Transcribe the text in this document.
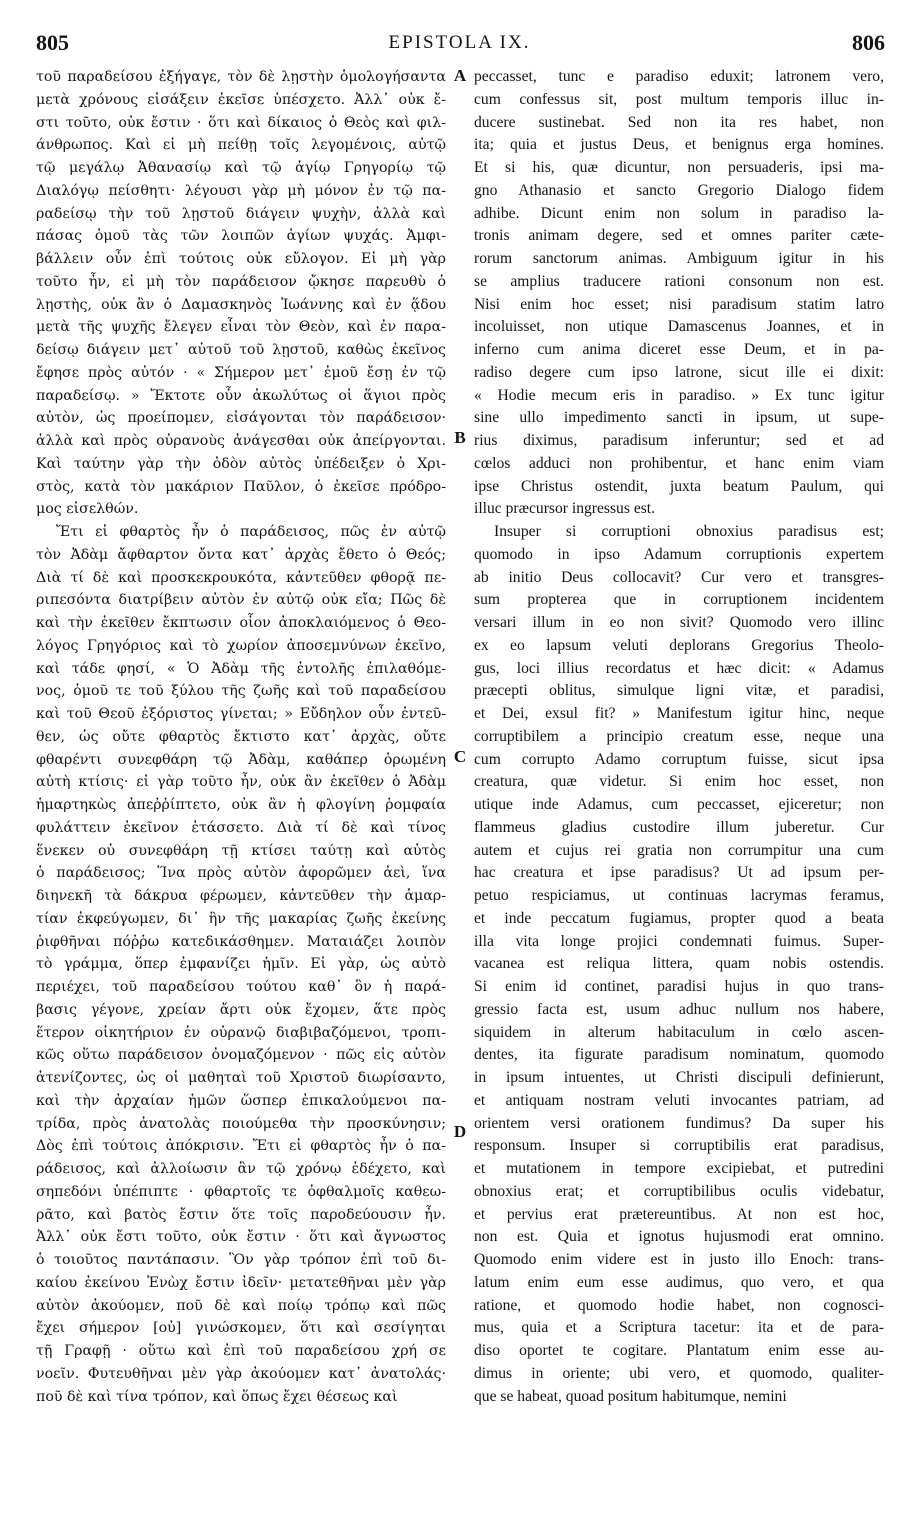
805	EPISTOLA IX.	806
τοῦ παραδείσου ἐξήγαγε, τὸν δὲ λῃστὴν ὁμολογήσαντα
μετὰ χρόνους εἰσάξειν ἐκεῖσε ὑπέσχετο. Ἀλλ᾽ οὐκ ἔ-
στι τοῦτο, οὐκ ἔστιν · ὅτι καὶ δίκαιος ὁ Θεὸς καὶ φιλ-
άνθρωπος. Καὶ εἰ μὴ πείθῃ τοῖς λεγομένοις, αὐτῷ
τῷ μεγάλῳ Ἀθανασίῳ καὶ τῷ ἁγίῳ Γρηγορίῳ τῷ
Διαλόγῳ πείσθητι· λέγουσι γὰρ μὴ μόνον ἐν τῷ πα-
ραδείσῳ τὴν τοῦ λῃστοῦ διάγειν ψυχὴν, ἀλλὰ καὶ
πάσας ὁμοῦ τὰς τῶν λοιπῶν ἁγίων ψυχάς. Ἀμφι-
βάλλειν οὖν ἐπὶ τούτοις οὐκ εὔλογον. Εἰ μὴ γὰρ
τοῦτο ἦν, εἰ μὴ τὸν παράδεισον ᾤκησε παρευθὺ ὁ
λῃστὴς, οὐκ ἂν ὁ Δαμασκηνὸς Ἰωάννης καὶ ἐν ᾅδου
μετὰ τῆς ψυχῆς ἔλεγεν εἶναι τὸν Θεὸν, καὶ ἐν παρα-
δείσῳ διάγειν μετ᾽ αὐτοῦ τοῦ λῃστοῦ, καθὼς ἐκεῖνος
ἔφησε πρὸς αὐτόν · « Σήμερον μετ᾽ ἐμοῦ ἔσῃ ἐν τῷ
παραδείσῳ. » Ἔκτοτε οὖν ἀκωλύτως οἱ ἅγιοι πρὸς
αὐτὸν, ὡς προείπομεν, εἰσάγονται τὸν παράδεισον·
ἀλλὰ καὶ πρὸς οὐρανοὺς ἀνάγεσθαι οὐκ ἀπείργονται.
Καὶ ταύτην γὰρ τὴν ὁδὸν αὐτὸς ὑπέδειξεν ὁ Χρι-
στὸς, κατὰ τὸν μακάριον Παῦλον, ὁ ἐκεῖσε πρόδρο-
μος εἰσελθών.
Ἔτι εἰ φθαρτὸς ἦν ὁ παράδεισος, πῶς ἐν αὐτῷ
τὸν Ἀδὰμ ἄφθαρτον ὄντα κατ᾽ ἀρχὰς ἔθετο ὁ Θεός;
Διὰ τί δὲ καὶ προσκεκρουκότα, κἀντεῦθεν φθορᾷ πε-
ριπεσόντα διατρίβειν αὐτὸν ἐν αὐτῷ οὐκ εἴα; Πῶς δὲ
καὶ τὴν ἐκεῖθεν ἔκπτωσιν οἷον ἀποκλαιόμενος ὁ Θεο-
λόγος Γρηγόριος καὶ τὸ χωρίον ἀποσεμνύνων ἐκεῖνο,
καὶ τάδε φησί, « Ὁ Ἀδὰμ τῆς ἐντολῆς ἐπιλαθόμε-
νος, ὁμοῦ τε τοῦ ξύλου τῆς ζωῆς καὶ τοῦ παραδείσου
καὶ τοῦ Θεοῦ ἐξόριστος γίνεται; » Εὔδηλον οὖν ἐντεῦ-
θεν, ὡς οὔτε φθαρτὸς ἔκτιστο κατ᾽ ἀρχὰς, οὔτε
φθαρέντι συνεφθάρη τῷ Ἀδὰμ, καθάπερ ὁρωμένη
αὐτὴ κτίσις· εἰ γὰρ τοῦτο ἦν, οὐκ ἂν ἐκεῖθεν ὁ Ἀδὰμ
ἡμαρτηκὼς ἀπεῤῥίπτετο, οὐκ ἂν ἡ φλογίνη ῥομφαία
φυλάττειν ἐκεῖνον ἐτάσσετο. Διὰ τί δὲ καὶ τίνος
ἕνεκεν οὐ συνεφθάρη τῇ κτίσει ταύτῃ καὶ αὐτὸς
ὁ παράδεισος; Ἵνα πρὸς αὐτὸν ἀφορῶμεν ἀεὶ, ἵνα
διηνεκῆ τὰ δάκρυα φέρωμεν, κἀντεῦθεν τὴν ἁμαρ-
τίαν ἐκφεύγωμεν, δι᾽ ἣν τῆς μακαρίας ζωῆς ἐκείνης
ῥιφθῆναι πόῤῥω κατεδικάσθημεν. Ματαιάζει λοιπὸν
τὸ γράμμα, ὅπερ ἐμφανίζει ἡμῖν. Εἰ γὰρ, ὡς αὐτὸ
περιέχει, τοῦ παραδείσου τούτου καθ᾽ ὃν ἡ παρά-
βασις γέγονε, χρείαν ἄρτι οὐκ ἔχομεν, ἅτε πρὸς
ἕτερον οἰκητήριον ἐν οὐρανῷ διαβιβαζόμενοι, τροπι-
κῶς οὕτω παράδεισον ὀνομαζόμενον · πῶς εἰς αὐτὸν
ἀτενίζοντες, ὡς οἱ μαθηταὶ τοῦ Χριστοῦ διωρίσαντο,
καὶ τὴν ἀρχαίαν ἡμῶν ὥσπερ ἐπικαλούμενοι πα-
τρίδα, πρὸς ἀνατολὰς ποιούμεθα τὴν προσκύνησιν;
Δὸς ἐπὶ τούτοις ἀπόκρισιν. Ἔτι εἰ φθαρτὸς ἦν ὁ πα-
ράδεισος, καὶ ἀλλοίωσιν ἂν τῷ χρόνῳ ἐδέχετο, καὶ
σηπεδόνι ὑπέπιπτε · φθαρτοῖς τε ὀφθαλμοῖς καθεω-
ρᾶτο, καὶ βατὸς ἔστιν ὅτε τοῖς παροδεύουσιν ἦν.
Ἀλλ᾽ οὐκ ἔστι τοῦτο, οὐκ ἔστιν · ὅτι καὶ ἄγνωστος
ὁ τοιοῦτος παντάπασιν. Ὃν γὰρ τρόπον ἐπὶ τοῦ δι-
καίου ἐκείνου Ἐνὼχ ἔστιν ἰδεῖν· μετατεθῆναι μὲν γὰρ
αὐτὸν ἀκούομεν, ποῦ δὲ καὶ ποίῳ τρόπῳ καὶ πῶς
ἔχει σήμερον [οὐ] γινώσκομεν, ὅτι καὶ σεσίγηται
τῇ Γραφῇ · οὕτω καὶ ἐπὶ τοῦ παραδείσου χρή σε
νοεῖν. Φυτευθῆναι μὲν γὰρ ἀκούομεν κατ᾽ ἀνατολάς·
ποῦ δὲ καὶ τίνα τρόπον, καὶ ὅπως ἔχει θέσεως καὶ
peccasset, tunc e paradiso eduxit; latronem vero,
cum confessus sit, post multum temporis illuc in-
ducere sustinebat. Sed non ita res habet, non
ita; quia et justus Deus, et benignus erga homines.
Et si his, quæ dicuntur, non persuaderis, ipsi ma-
gno Athanasio et sancto Gregorio Dialogo fidem
adhibe. Dicunt enim non solum in paradiso la-
tronis animam degere, sed et omnes pariter cæte-
rorum sanctorum animas. Ambiguum igitur in his
se amplius traducere rationi consonum non est.
Nisi enim hoc esset; nisi paradisum statim latro
incoluisset, non utique Damascenus Joannes, et in
inferno cum anima diceret esse Deum, et in pa-
radiso degere cum ipso latrone, sicut ille ei dixit:
« Hodie mecum eris in paradiso. » Ex tunc igitur
sine ullo impedimento sancti in ipsum, ut supe-
rius diximus, paradisum inferuntur; sed et ad
cœlos adduci non prohibentur, et hanc enim viam
ipse Christus ostendit, juxta beatum Paulum, qui
illuc præcursor ingressus est.
Insuper si corruptioni obnoxius paradisus est;
quomodo in ipso Adamum corruptionis expertem
ab initio Deus collocavit? Cur vero et transgres-
sum propterea que in corruptionem incidentem
versari illum in eo non sivit? Quomodo vero illinc
ex eo lapsum veluti deplorans Gregorius Theolo-
gus, loci illius recordatus et hæc dicit: « Adamus
præcepti oblitus, simulque ligni vitæ, et paradisi,
et Dei, exsul fit? » Manifestum igitur hinc, neque
corruptibilem a principio creatum esse, neque una
cum corrupto Adamo corruptum fuisse, sicut ipsa
creatura, quæ videtur. Si enim hoc esset, non
utique inde Adamus, cum peccasset, ejiceretur; non
flammeus gladius custodire illum juberetur. Cur
autem et cujus rei gratia non corrumpitur una cum
hac creatura et ipse paradisus? Ut ad ipsum per-
petuo respiciamus, ut continuas lacrymas feramus,
et inde peccatum fugiamus, propter quod a beata
illa vita longe projici condemnati fuimus. Super-
vacanea est reliqua littera, quam nobis ostendis.
Si enim id continet, paradisi hujus in quo trans-
gressio facta est, usum adhuc nullum nos habere,
siquidem in alterum habitaculum in cœlo ascen-
dentes, ita figurate paradisum nominatum, quomodo
in ipsum intuentes, ut Christi discipuli definierunt,
et antiquam nostram veluti invocantes patriam, ad
orientem versi orationem fundimus? Da super his
responsum. Insuper si corruptibilis erat paradisus,
et mutationem in tempore excipiebat, et putredini
obnoxius erat; et corruptibilibus oculis videbatur,
et pervius erat prætereuntibus. At non est hoc,
non est. Quia et ignotus hujusmodi erat omnino.
Quomodo enim videre est in justo illo Enoch: trans-
latum enim eum esse audimus, quo vero, et qua
ratione, et quomodo hodie habet, non cognosci-
mus, quia et a Scriptura tacetur: ita et de para-
diso oportet te cogitare. Plantatum enim esse au-
dimus in oriente; ubi vero, et quomodo, qualiter-
que se habeat, quoad positum habitumque, nemini
A
B
C
D
